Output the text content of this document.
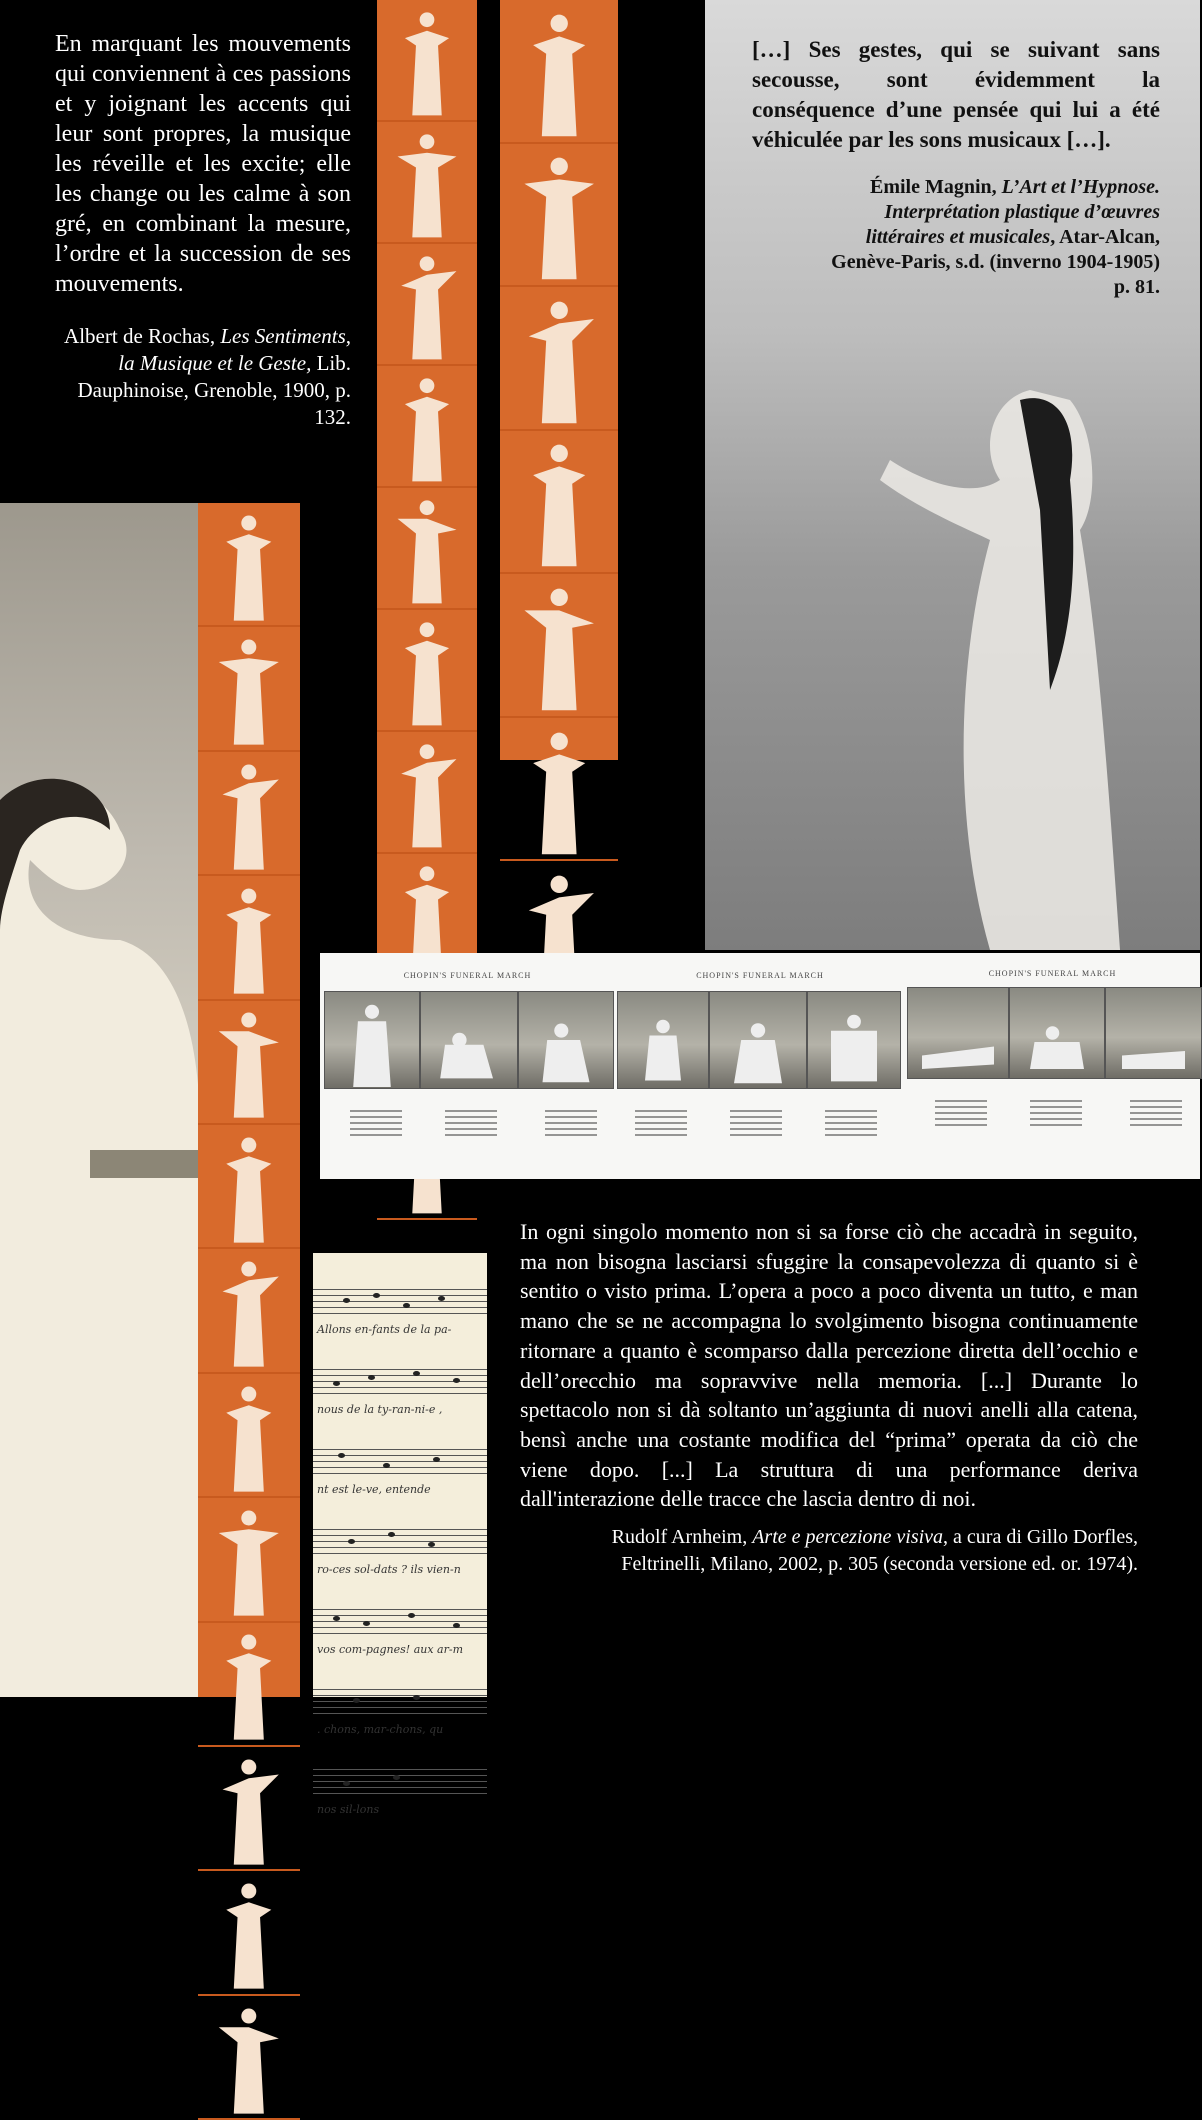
Allons en-fants de la pa-
nous de la ty-ran-ni-e ,
nt est le-ve, entende
ro-ces sol-dats ? ils vien-n
vos com-pagnes! aux ar-m
. chons, mar-chons, qu
nos sil-lons
CHOPIN'S FUNERAL MARCH	CHOPIN'S FUNERAL MARCH	CHOPIN'S FUNERAL MARCH

En marquant les mouvements qui conviennent à ces passions et y joignant les accents qui leur sont propres, la musique les réveille et les excite; elle les change ou les calme à son gré, en combinant la mesure, l’ordre et la succession de ses mouvements.

Albert de Rochas, Les Sentiments, la Musique et le Geste, Lib. Dauphinoise, Grenoble, 1900, p. 132.

[…] Ses gestes, qui se suivant sans secousse, sont évidemment la conséquence d’une pensée qui lui a été véhiculée par les sons musicaux […].

Émile Magnin, L’Art et l’Hypnose. Interprétation plastique d’œuvres littéraires et musicales, Atar-Alcan, Genève-Paris, s.d. (inverno 1904-1905) p. 81.

In ogni singolo momento non si sa forse ciò che accadrà in seguito, ma non bisogna lasciarsi sfuggire la consapevolezza di quanto si è sentito o visto prima. L’opera a poco a poco diventa un tutto, e man mano che se ne accompagna lo svolgimento bisogna continuamente ritornare a quanto è scomparso dalla percezione diretta dell’occhio e dell’orecchio ma sopravvive nella memoria. [...] Durante lo spettacolo non si dà soltanto un’aggiunta di nuovi anelli alla catena, bensì anche una costante modifica del “prima” operata da ciò che viene dopo. [...] La struttura di una performance deriva dall'interazione delle tracce che lascia dentro di noi.

Rudolf Arnheim, Arte e percezione visiva, a cura di Gillo Dorfles, Feltrinelli, Milano, 2002, p. 305 (seconda versione ed. or. 1974).
